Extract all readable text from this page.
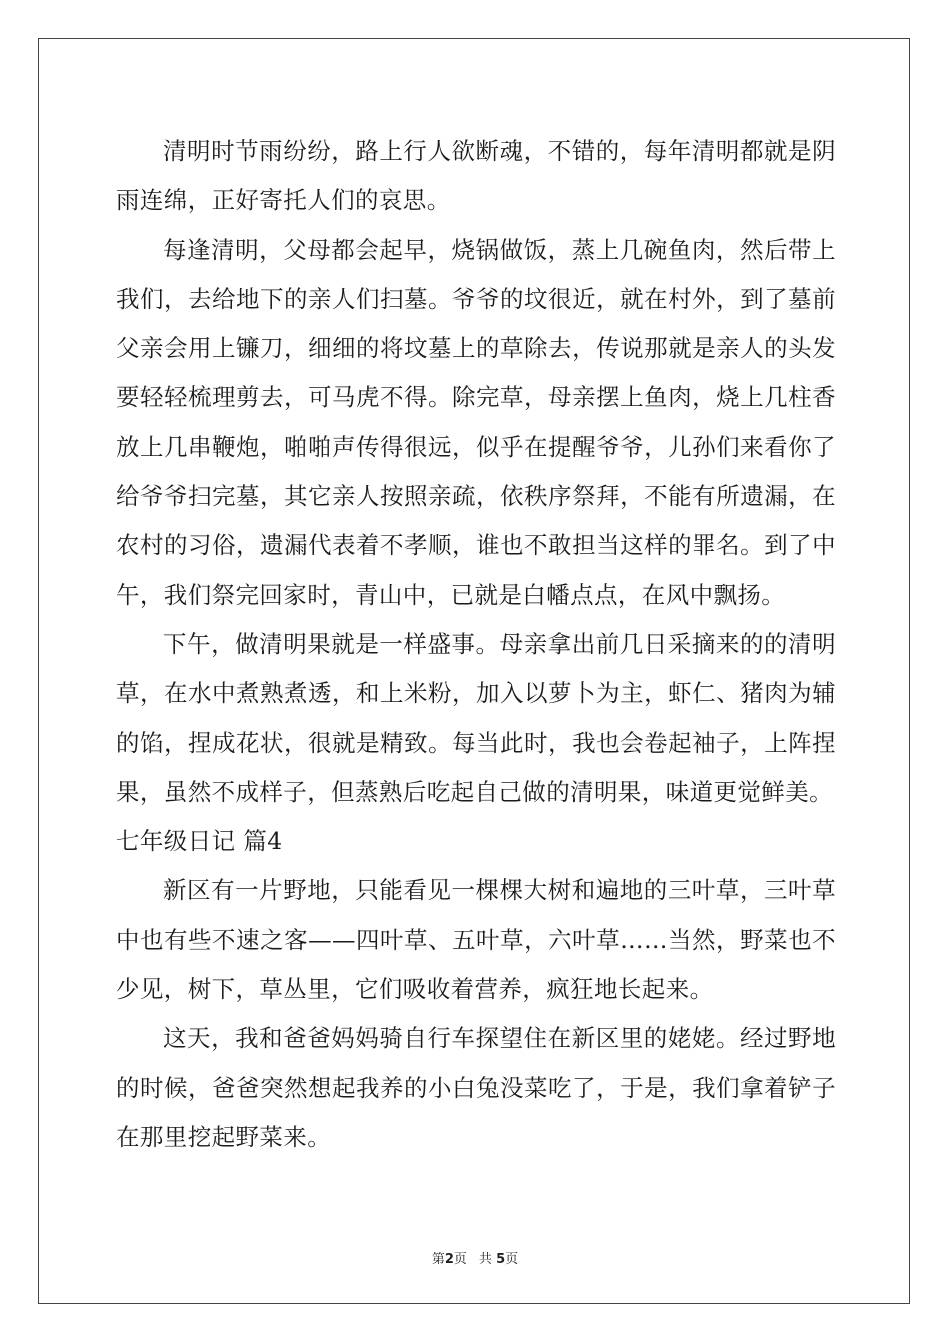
清明时节雨纷纷，路上行人欲断魂，不错的，每年清明都就是阴雨连绵，正好寄托人们的哀思。

每逢清明，父母都会起早，烧锅做饭，蒸上几碗鱼肉，然后带上我们，去给地下的亲人们扫墓。爷爷的坟很近，就在村外，到了墓前父亲会用上镰刀，细细的将坟墓上的草除去，传说那就是亲人的头发要轻轻梳理剪去，可马虎不得。除完草，母亲摆上鱼肉，烧上几柱香放上几串鞭炮，啪啪声传得很远，似乎在提醒爷爷，儿孙们来看你了给爷爷扫完墓，其它亲人按照亲疏，依秩序祭拜，不能有所遗漏，在农村的习俗，遗漏代表着不孝顺，谁也不敢担当这样的罪名。到了中午，我们祭完回家时，青山中，已就是白幡点点，在风中飘扬。

下午，做清明果就是一样盛事。母亲拿出前几日采摘来的的清明草，在水中煮熟煮透，和上米粉，加入以萝卜为主，虾仁、猪肉为辅的馅，捏成花状，很就是精致。每当此时，我也会卷起袖子，上阵捏果，虽然不成样子，但蒸熟后吃起自己做的清明果，味道更觉鲜美。

七年级日记 篇4

新区有一片野地，只能看见一棵棵大树和遍地的三叶草，三叶草中也有些不速之客——四叶草、五叶草，六叶草……当然，野菜也不少见，树下，草丛里，它们吸收着营养，疯狂地长起来。

这天，我和爸爸妈妈骑自行车探望住在新区里的姥姥。经过野地的时候，爸爸突然想起我养的小白兔没菜吃了，于是，我们拿着铲子在那里挖起野菜来。

第2页 共 5页
